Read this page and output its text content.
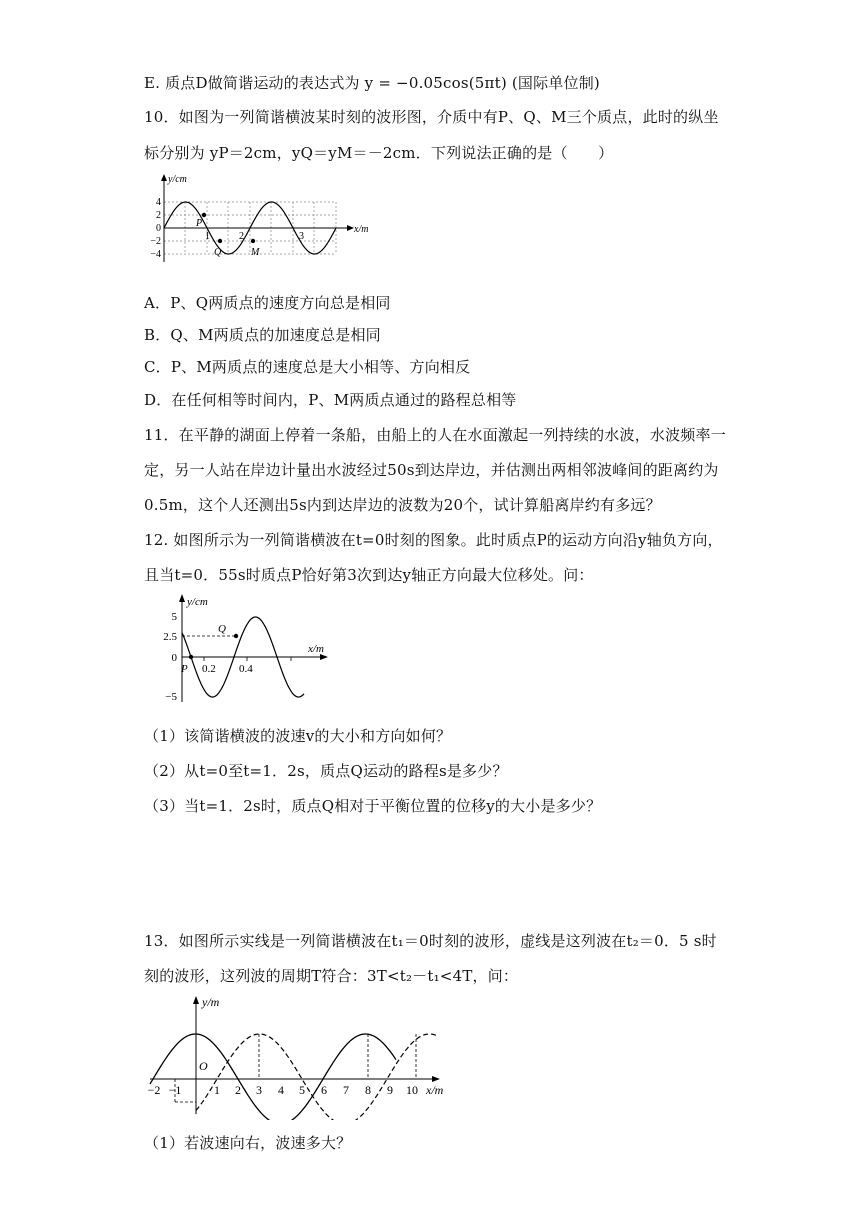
E. 质点D做简谐运动的表达式为 y = −0.05cos(5πt) (国际单位制)
10．如图为一列简谐横波某时刻的波形图，介质中有P、Q、M三个质点，此时的纵坐
标分别为 yP＝2cm，yQ＝yM＝－2cm．下列说法正确的是（　　）
y/cm
x/m
4
2
0
−2
−4
1	2	3
P
Q	M
A．P、Q两质点的速度方向总是相同
B．Q、M两质点的加速度总是相同
C．P、M两质点的速度总是大小相等、方向相反
D．在任何相等时间内，P、M两质点通过的路程总相等
11．在平静的湖面上停着一条船，由船上的人在水面激起一列持续的水波，水波频率一
定，另一人站在岸边计量出水波经过50s到达岸边，并估测出两相邻波峰间的距离约为
0.5m，这个人还测出5s内到达岸边的波数为20个，试计算船离岸约有多远？
12. 如图所示为一列简谐横波在t=0时刻的图象。此时质点P的运动方向沿y轴负方向，
且当t=0．55s时质点P恰好第3次到达y轴正方向最大位移处。问：
y/cm
x/m
5
2.5
0
−5
0.2 0.4
P
Q
（1）该简谐横波的波速v的大小和方向如何？
（2）从t=0至t=1．2s，质点Q运动的路程s是多少？
（3）当t=1．2s时，质点Q相对于平衡位置的位移y的大小是多少？
13．如图所示实线是一列简谐横波在t₁＝0时刻的波形，虚线是这列波在t₂＝0．5 s时
刻的波形，这列波的周期T符合：3T<t₂－t₁<4T，问：
y/m
x/m
O
−2 −1	1 2 3 4 5 6 7 8 9 10
（1）若波速向右，波速多大？
